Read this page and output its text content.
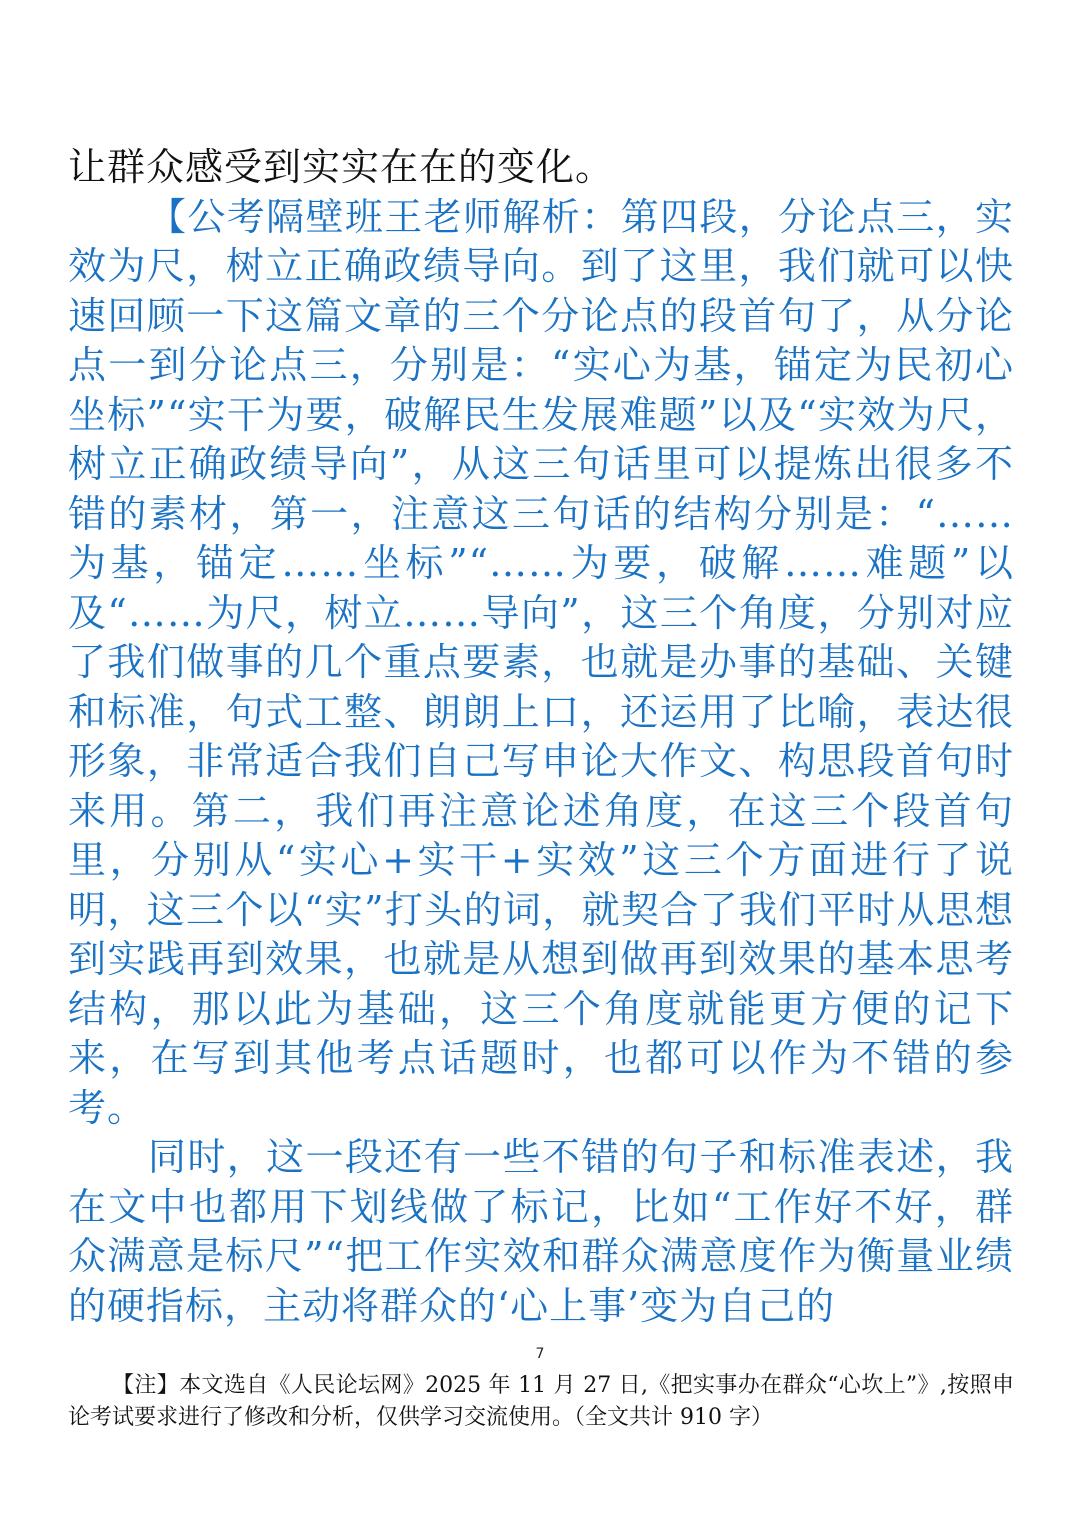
让群众感受到实实在在的变化。

【公考隔壁班王老师解析：第四段，分论点三，实效为尺，树立正确政绩导向。到了这里，我们就可以快速回顾一下这篇文章的三个分论点的段首句了，从分论点一到分论点三，分别是：“实心为基，锚定为民初心坐标”“实干为要，破解民生发展难题”以及“实效为尺，树立正确政绩导向”，从这三句话里可以提炼出很多不错的素材，第一，注意这三句话的结构分别是：“……为基，锚定……坐标”“……为要，破解……难题”以及“……为尺，树立……导向”，这三个角度，分别对应了我们做事的几个重点要素，也就是办事的基础、关键和标准，句式工整、朗朗上口，还运用了比喻，表达很形象，非常适合我们自己写申论大作文、构思段首句时来用。第二，我们再注意论述角度，在这三个段首句里，分别从“实心+实干+实效”这三个方面进行了说明，这三个以“实”打头的词，就契合了我们平时从思想到实践再到效果，也就是从想到做再到效果的基本思考结构，那以此为基础，这三个角度就能更方便的记下来，在写到其他考点话题时，也都可以作为不错的参考。

同时，这一段还有一些不错的句子和标准表述，我在文中也都用下划线做了标记，比如“工作好不好，群众满意是标尺”“把工作实效和群众满意度作为衡量业绩的硬指标，主动将群众的‘心上事’变为自己的

7
【注】本文选自《人民论坛网》2025 年 11 月 27 日,《把实事办在群众“心坎上”》,按照申论考试要求进行了修改和分析，仅供学习交流使用。（全文共计 910 字）
